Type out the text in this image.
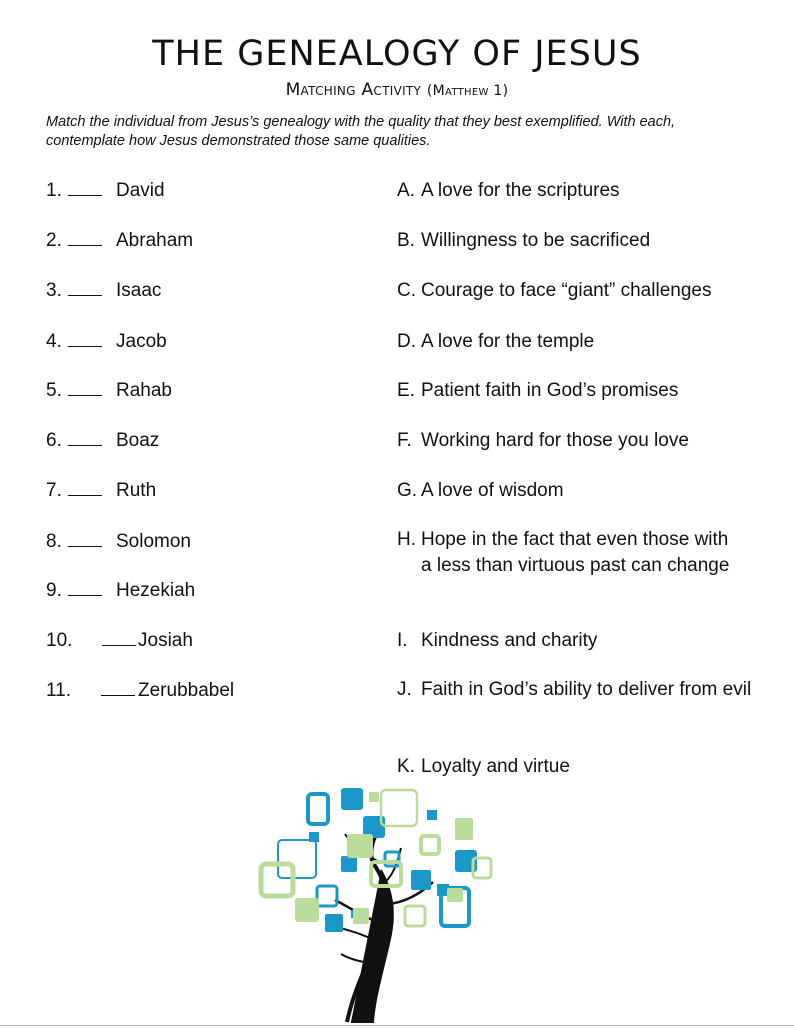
THE GENEALOGY OF JESUS
Matching Activity (Matthew 1)
Match the individual from Jesus’s genealogy with the quality that they best exemplified. With each, contemplate how Jesus demonstrated those same qualities.
1.	David
2.	Abraham
3.	Isaac
4.	Jacob
5.	Rahab
6.	Boaz
7.	Ruth
8.	Solomon
9.	Hezekiah
10.	Josiah
11.	Zerubbabel
A. A love for the scriptures
B. Willingness to be sacrificed
C. Courage to face “giant” challenges
D. A love for the temple
E. Patient faith in God’s promises
F. Working hard for those you love
G. A love of wisdom
H. Hope in the fact that even those with a less than virtuous past can change
I. Kindness and charity
J. Faith in God’s ability to deliver from evil
K. Loyalty and virtue
